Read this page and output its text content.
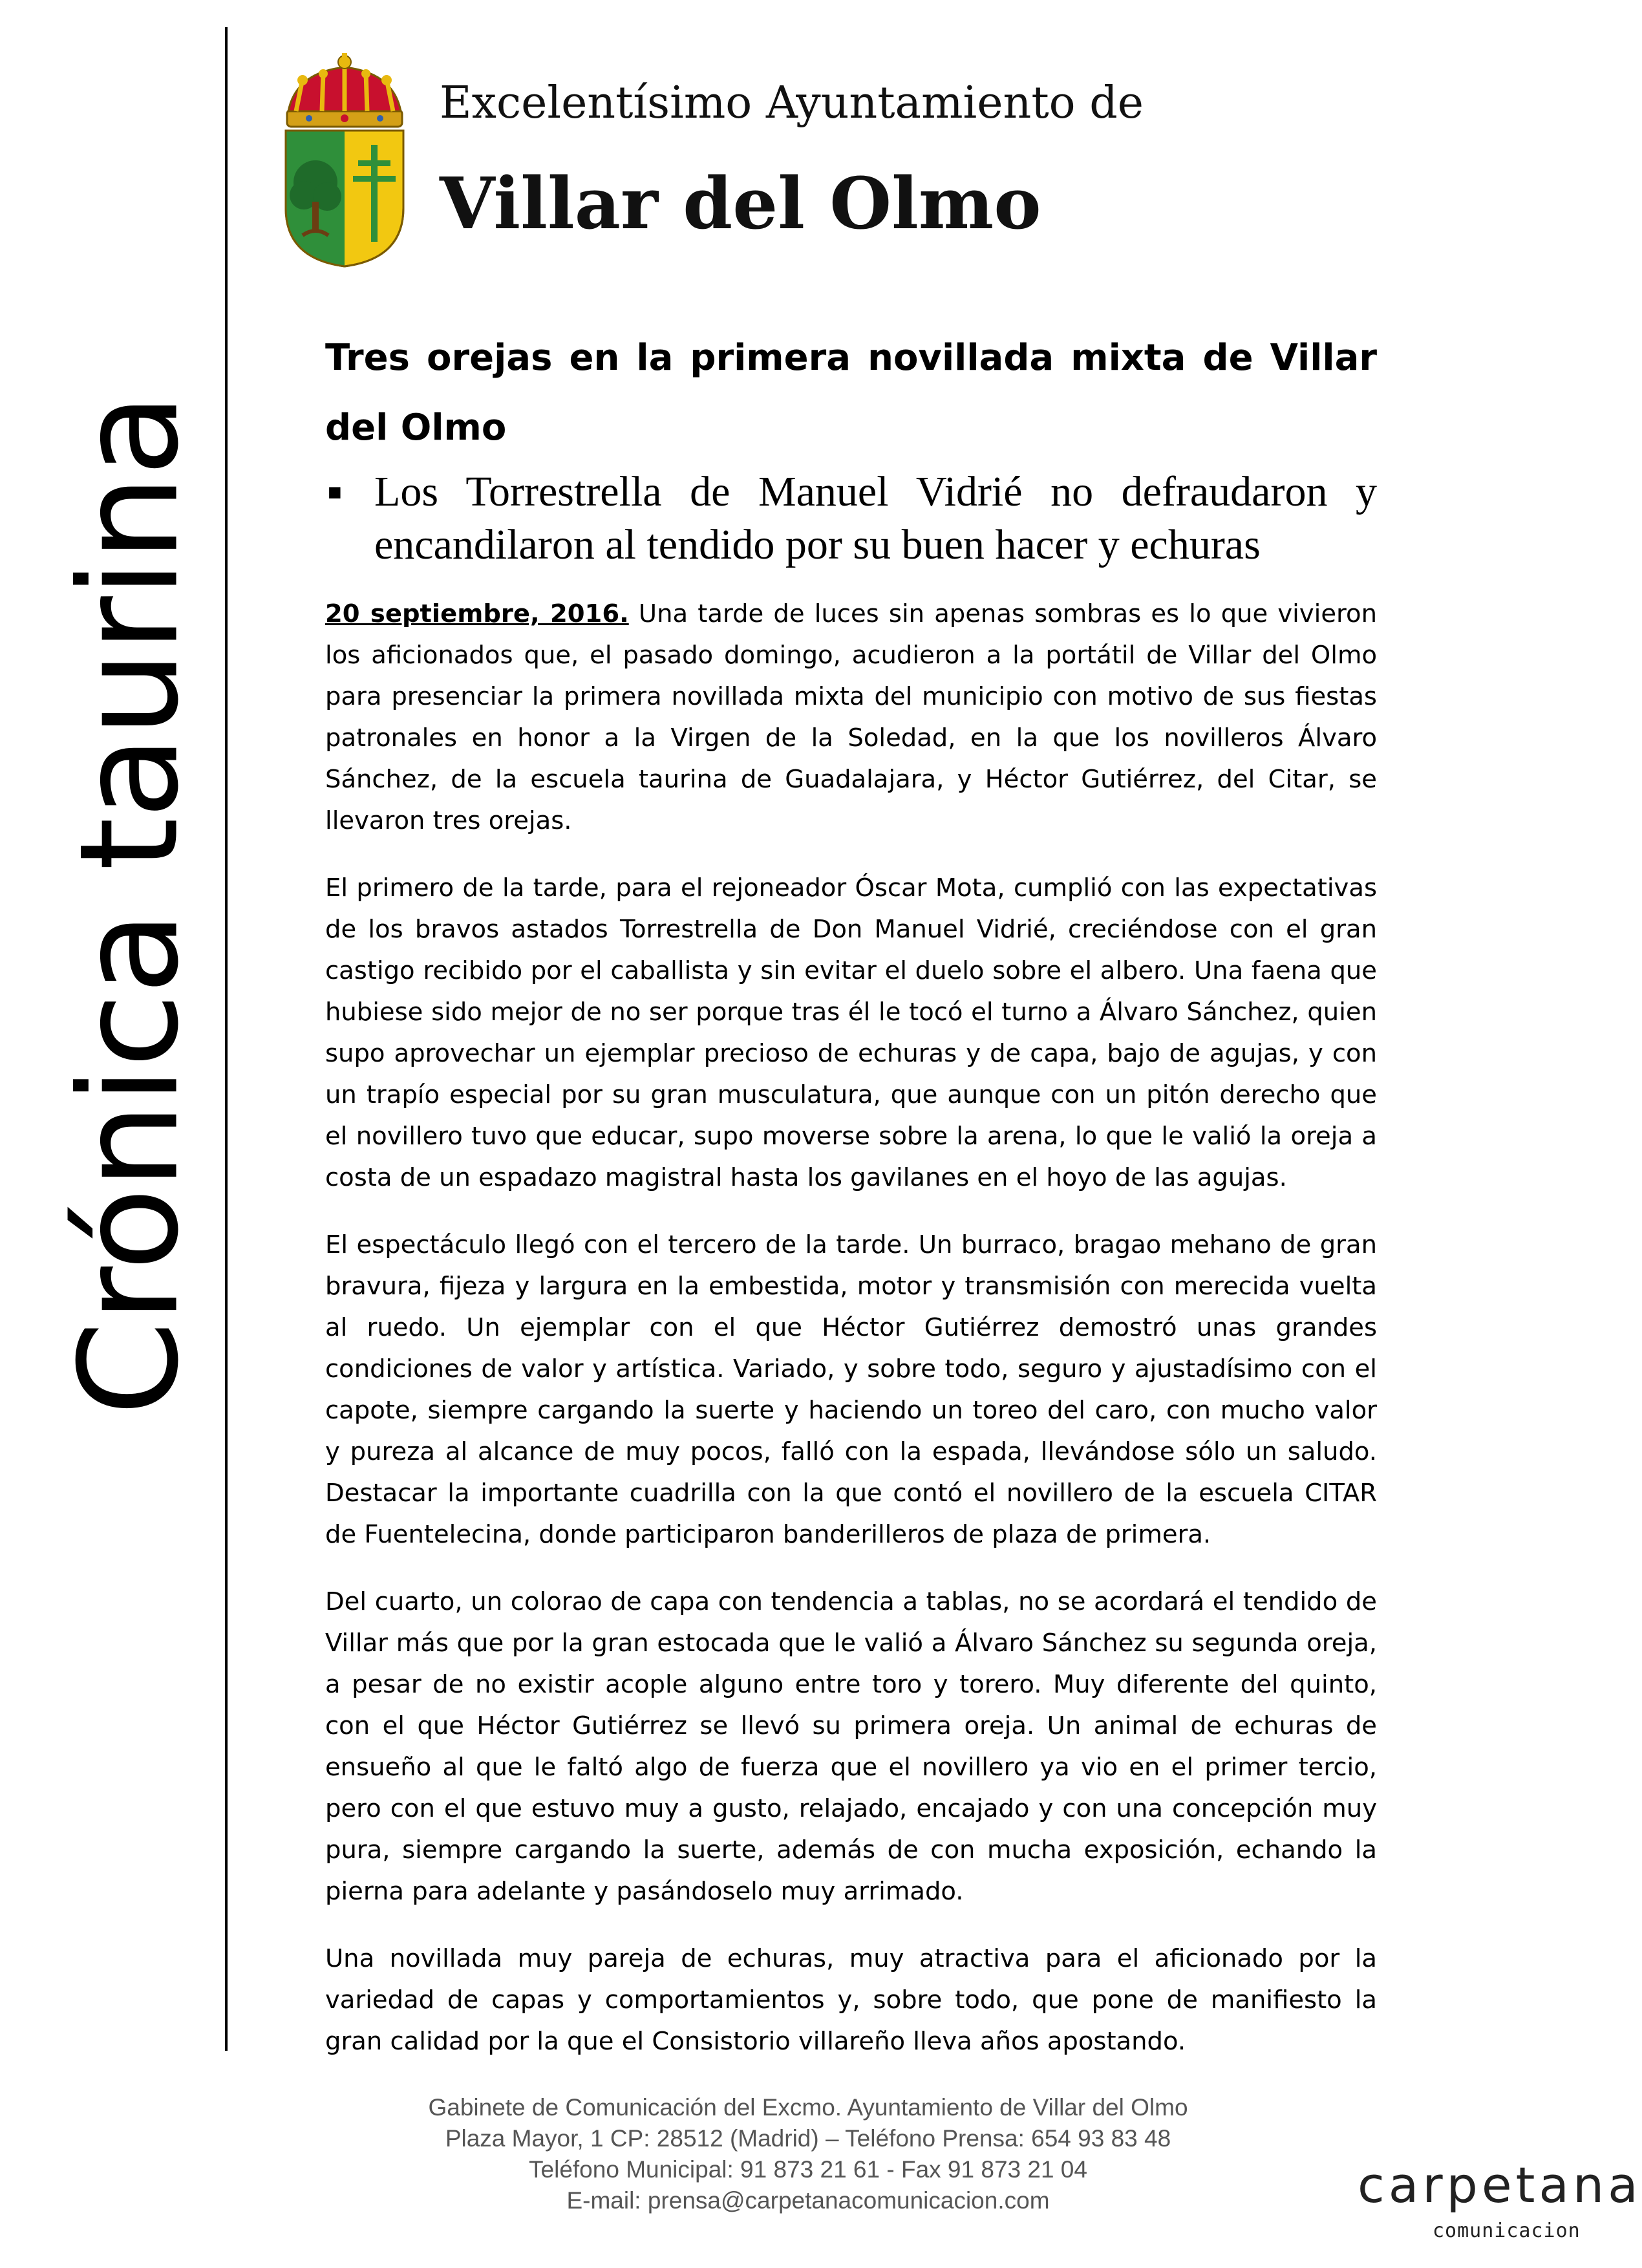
Crónica taurina
Excelentísimo Ayuntamiento de
Villar del Olmo
Tres orejas en la primera novillada mixta de Villar del Olmo
■ Los Torrestrella de Manuel Vidrié no defraudaron y encandilaron al tendido por su buen hacer y echuras

20 septiembre, 2016. Una tarde de luces sin apenas sombras es lo que vivieron los aficionados que, el pasado domingo, acudieron a la portátil de Villar del Olmo para presenciar la primera novillada mixta del municipio con motivo de sus fiestas patronales en honor a la Virgen de la Soledad, en la que los novilleros Álvaro Sánchez, de la escuela taurina de Guadalajara, y Héctor Gutiérrez, del Citar, se llevaron tres orejas.

El primero de la tarde, para el rejoneador Óscar Mota, cumplió con las expectativas de los bravos astados Torrestrella de Don Manuel Vidrié, creciéndose con el gran castigo recibido por el caballista y sin evitar el duelo sobre el albero. Una faena que hubiese sido mejor de no ser porque tras él le tocó el turno a Álvaro Sánchez, quien supo aprovechar un ejemplar precioso de echuras y de capa, bajo de agujas, y con un trapío especial por su gran musculatura, que aunque con un pitón derecho que el novillero tuvo que educar, supo moverse sobre la arena, lo que le valió la oreja a costa de un espadazo magistral hasta los gavilanes en el hoyo de las agujas.

El espectáculo llegó con el tercero de la tarde. Un burraco, bragao mehano de gran bravura, fijeza y largura en la embestida, motor y transmisión con merecida vuelta al ruedo. Un ejemplar con el que Héctor Gutiérrez demostró unas grandes condiciones de valor y artística. Variado, y sobre todo, seguro y ajustadísimo con el capote, siempre cargando la suerte y haciendo un toreo del caro, con mucho valor y pureza al alcance de muy pocos, falló con la espada, llevándose sólo un saludo. Destacar la importante cuadrilla con la que contó el novillero de la escuela CITAR de Fuentelecina, donde participaron banderilleros de plaza de primera.

Del cuarto, un colorao de capa con tendencia a tablas, no se acordará el tendido de Villar más que por la gran estocada que le valió a Álvaro Sánchez su segunda oreja, a pesar de no existir acople alguno entre toro y torero. Muy diferente del quinto, con el que Héctor Gutiérrez se llevó su primera oreja. Un animal de echuras de ensueño al que le faltó algo de fuerza que el novillero ya vio en el primer tercio, pero con el que estuvo muy a gusto, relajado, encajado y con una concepción muy pura, siempre cargando la suerte, además de con mucha exposición, echando la pierna para adelante y pasándoselo muy arrimado.

Una novillada muy pareja de echuras, muy atractiva para el aficionado por la variedad de capas y comportamientos y, sobre todo, que pone de manifiesto la gran calidad por la que el Consistorio villareño lleva años apostando.

Gabinete de Comunicación del Excmo. Ayuntamiento de Villar del Olmo
Plaza Mayor, 1 CP: 28512 (Madrid) – Teléfono Prensa: 654 93 83 48
Teléfono Municipal: 91 873 21 61 - Fax 91 873 21 04
E-mail: prensa@carpetanacomunicacion.com	carpetana
comunicacion
